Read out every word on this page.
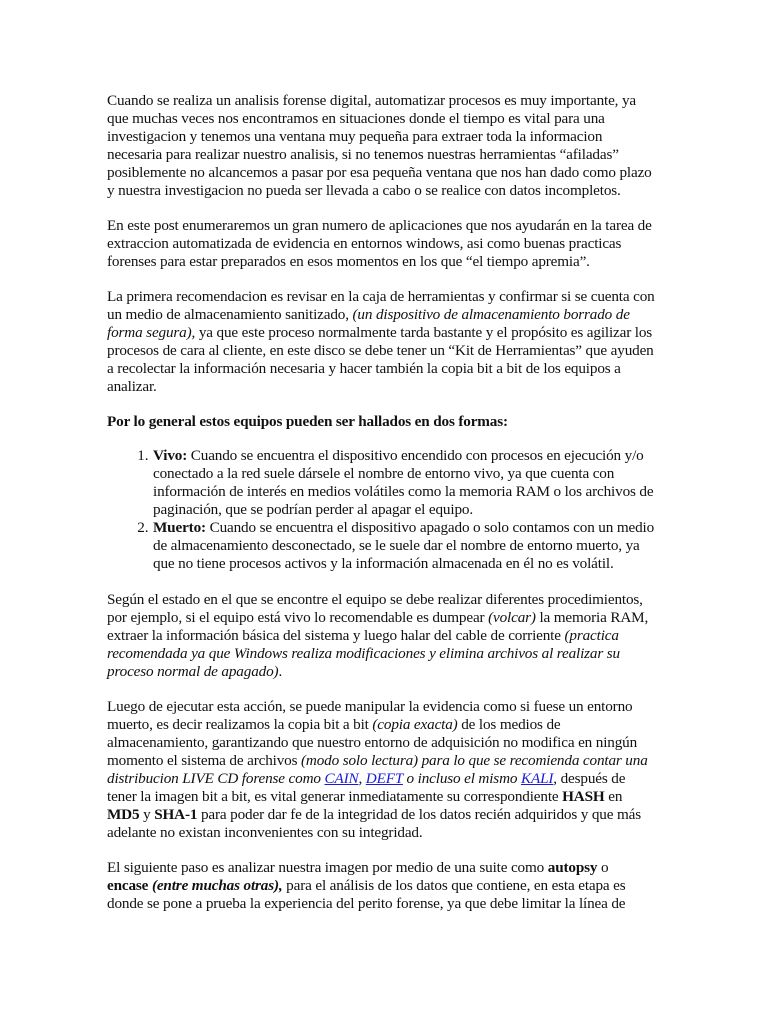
Cuando se realiza un analisis forense digital, automatizar procesos es muy importante, ya que muchas veces nos encontramos en situaciones donde el tiempo es vital para una investigacion y tenemos una ventana muy pequeña para extraer toda la informacion necesaria para realizar nuestro analisis, si no tenemos nuestras herramientas “afiladas” posiblemente no alcancemos a pasar por esa pequeña ventana que nos han dado como plazo y nuestra investigacion no pueda ser llevada a cabo o se realice con datos incompletos.

En este post enumeraremos un gran numero de aplicaciones que nos ayudarán en la tarea de extraccion automatizada de evidencia en entornos windows, asi como buenas practicas forenses para estar preparados en esos momentos en los que “el tiempo apremia”.

La primera recomendacion es revisar en la caja de herramientas y confirmar si se cuenta con un medio de almacenamiento sanitizado, (un dispositivo de almacenamiento borrado de forma segura), ya que este proceso normalmente tarda bastante y el propósito es agilizar los procesos de cara al cliente, en este disco se debe tener un “Kit de Herramientas” que ayuden a recolectar la información necesaria y hacer también la copia bit a bit de los equipos a analizar.

Por lo general estos equipos pueden ser hallados en dos formas:

1. Vivo: Cuando se encuentra el dispositivo encendido con procesos en ejecución y/o conectado a la red suele dársele el nombre de entorno vivo, ya que cuenta con información de interés en medios volátiles como la memoria RAM o los archivos de paginación, que se podrían perder al apagar el equipo.
2. Muerto: Cuando se encuentra el dispositivo apagado o solo contamos con un medio de almacenamiento desconectado, se le suele dar el nombre de entorno muerto, ya que no tiene procesos activos y la información almacenada en él no es volátil.

Según el estado en el que se encontre el equipo se debe realizar diferentes procedimientos, por ejemplo, si el equipo está vivo lo recomendable es dumpear (volcar) la memoria RAM, extraer la información básica del sistema y luego halar del cable de corriente (practica recomendada ya que Windows realiza modificaciones y elimina archivos al realizar su proceso normal de apagado).

Luego de ejecutar esta acción, se puede manipular la evidencia como si fuese un entorno muerto, es decir realizamos la copia bit a bit (copia exacta) de los medios de almacenamiento, garantizando que nuestro entorno de adquisición no modifica en ningún momento el sistema de archivos (modo solo lectura) para lo que se recomienda contar una distribucion LIVE CD forense como CAIN, DEFT o incluso el mismo KALI, después de tener la imagen bit a bit, es vital generar inmediatamente su correspondiente HASH en MD5 y SHA-1 para poder dar fe de la integridad de los datos recién adquiridos y que más adelante no existan inconvenientes con su integridad.

El siguiente paso es analizar nuestra imagen por medio de una suite como autopsy o
encase (entre muchas otras), para el análisis de los datos que contiene, en esta etapa es donde se pone a prueba la experiencia del perito forense, ya que debe limitar la línea de
